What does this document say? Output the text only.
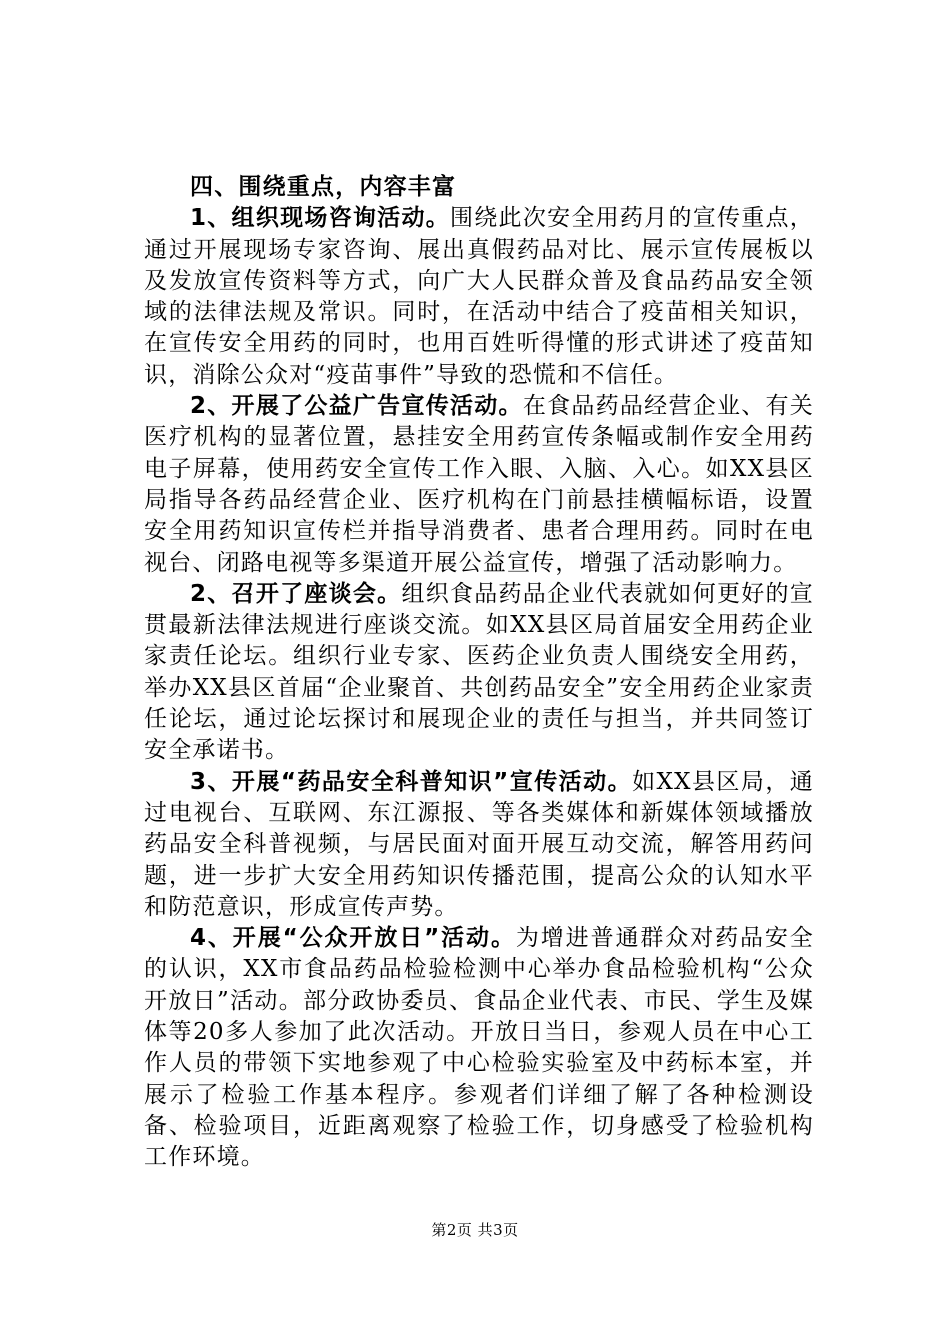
四、围绕重点，内容丰富

1、组织现场咨询活动。围绕此次安全用药月的宣传重点，通过开展现场专家咨询、展出真假药品对比、展示宣传展板以及发放宣传资料等方式，向广大人民群众普及食品药品安全领域的法律法规及常识。同时，在活动中结合了疫苗相关知识，在宣传安全用药的同时，也用百姓听得懂的形式讲述了疫苗知识，消除公众对“疫苗事件”导致的恐慌和不信任。

2、开展了公益广告宣传活动。在食品药品经营企业、有关医疗机构的显著位置，悬挂安全用药宣传条幅或制作安全用药电子屏幕，使用药安全宣传工作入眼、入脑、入心。如XX县区局指导各药品经营企业、医疗机构在门前悬挂横幅标语，设置安全用药知识宣传栏并指导消费者、患者合理用药。同时在电视台、闭路电视等多渠道开展公益宣传，增强了活动影响力。

2、召开了座谈会。组织食品药品企业代表就如何更好的宣贯最新法律法规进行座谈交流。如XX县区局首届安全用药企业家责任论坛。组织行业专家、医药企业负责人围绕安全用药，举办XX县区首届“企业聚首、共创药品安全”安全用药企业家责任论坛，通过论坛探讨和展现企业的责任与担当，并共同签订安全承诺书。

3、开展“药品安全科普知识”宣传活动。如XX县区局，通过电视台、互联网、东江源报、等各类媒体和新媒体领域播放药品安全科普视频，与居民面对面开展互动交流，解答用药问题，进一步扩大安全用药知识传播范围，提高公众的认知水平和防范意识，形成宣传声势。

4、开展“公众开放日”活动。为增进普通群众对药品安全的认识，XX市食品药品检验检测中心举办食品检验机构“公众开放日”活动。部分政协委员、食品企业代表、市民、学生及媒体等20多人参加了此次活动。开放日当日，参观人员在中心工作人员的带领下实地参观了中心检验实验室及中药标本室，并展示了检验工作基本程序。参观者们详细了解了各种检测设备、检验项目，近距离观察了检验工作，切身感受了检验机构工作环境。

第2页 共3页
